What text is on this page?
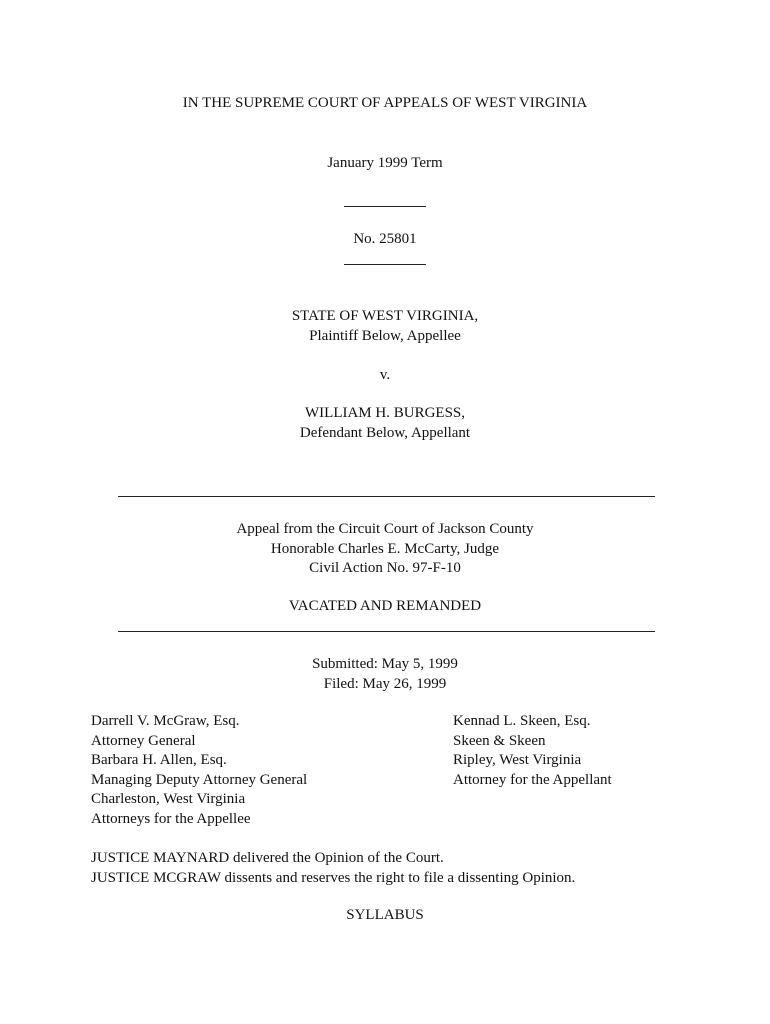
IN THE SUPREME COURT OF APPEALS OF WEST VIRGINIA
January 1999 Term
No. 25801
STATE OF WEST VIRGINIA,
Plaintiff Below, Appellee
v.
WILLIAM H. BURGESS,
Defendant Below, Appellant
Appeal from the Circuit Court of Jackson County
Honorable Charles E. McCarty, Judge
Civil Action No. 97-F-10
VACATED AND REMANDED
Submitted: May 5, 1999
Filed: May 26, 1999
Darrell V. McGraw, Esq.
Attorney General
Barbara H. Allen, Esq.
Managing Deputy Attorney General
Charleston, West Virginia
Attorneys for the Appellee
Kennad L. Skeen, Esq.
Skeen & Skeen
Ripley, West Virginia
Attorney for the Appellant
JUSTICE MAYNARD delivered the Opinion of the Court.
JUSTICE MCGRAW dissents and reserves the right to file a dissenting Opinion.
SYLLABUS
